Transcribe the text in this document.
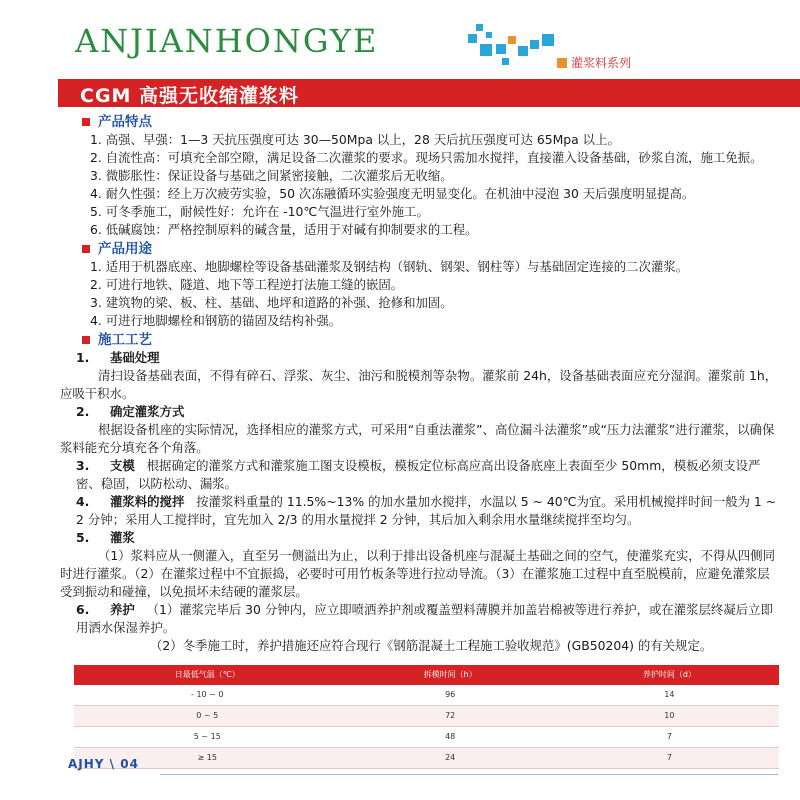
ANJIANHONGYE
灌浆料系列
CGM 高强无收缩灌浆料
产品特点
1. 高强、早强：1—3 天抗压强度可达 30—50Mpa 以上，28 天后抗压强度可达 65Mpa 以上。
2. 自流性高：可填充全部空隙，满足设备二次灌浆的要求。现场只需加水搅拌，直接灌入设备基础，砂浆自流，施工免振。
3. 微膨胀性：保证设备与基础之间紧密接触，二次灌浆后无收缩。
4. 耐久性强：经上万次疲劳实验，50 次冻融循环实验强度无明显变化。在机油中浸泡 30 天后强度明显提高。
5. 可冬季施工，耐候性好：允许在 -10℃气温进行室外施工。
6. 低碱腐蚀：严格控制原料的碱含量，适用于对碱有抑制要求的工程。
产品用途
1. 适用于机器底座、地脚螺栓等设备基础灌浆及钢结构（钢轨、钢架、钢柱等）与基础固定连接的二次灌浆。
2. 可进行地铁、隧道、地下等工程逆打法施工缝的嵌固。
3. 建筑物的梁、板、柱、基础、地坪和道路的补强、抢修和加固。
4. 可进行地脚螺栓和钢筋的锚固及结构补强。
施工工艺
1. 基础处理
清扫设备基础表面，不得有碎石、浮浆、灰尘、油污和脱模剂等杂物。灌浆前 24h，设备基础表面应充分湿润。灌浆前 1h，应吸干积水。
2. 确定灌浆方式
根据设备机座的实际情况，选择相应的灌浆方式，可采用“自重法灌浆”、高位漏斗法灌浆”或“压力法灌浆”进行灌浆，以确保浆料能充分填充各个角落。
3. 支模 根据确定的灌浆方式和灌浆施工图支设模板，模板定位标高应高出设备底座上表面至少 50mm，模板必须支设严密、稳固，以防松动、漏浆。
4. 灌浆料的搅拌 按灌浆料重量的 11.5%~13% 的加水量加水搅拌，水温以 5 ~ 40℃为宜。采用机械搅拌时间一般为 1 ~ 2 分钟；采用人工搅拌时，宜先加入 2/3 的用水量搅拌 2 分钟，其后加入剩余用水量继续搅拌至均匀。
5. 灌浆
（1）浆料应从一侧灌入，直至另一侧溢出为止，以利于排出设备机座与混凝土基础之间的空气，使灌浆充实，不得从四侧同时进行灌浆。（2）在灌浆过程中不宜振捣，必要时可用竹板条等进行拉动导流。（3）在灌浆施工过程中直至脱模前，应避免灌浆层受到振动和碰撞，以免损坏未结硬的灌浆层。
6. 养护 （1）灌浆完毕后 30 分钟内，应立即喷洒养护剂或覆盖塑料薄膜并加盖岩棉被等进行养护，或在灌浆层终凝后立即用洒水保湿养护。
（2）冬季施工时，养护措施还应符合现行《钢筋混凝土工程施工验收规范》(GB50204) 的有关规定。
日最低气温（℃）	拆模时间（h）	养护时间（d）
- 10 ~ 0	96	14
0 ~ 5	72	10
5 ~ 15	48	7
≥ 15	24	7
AJHY \ 04
